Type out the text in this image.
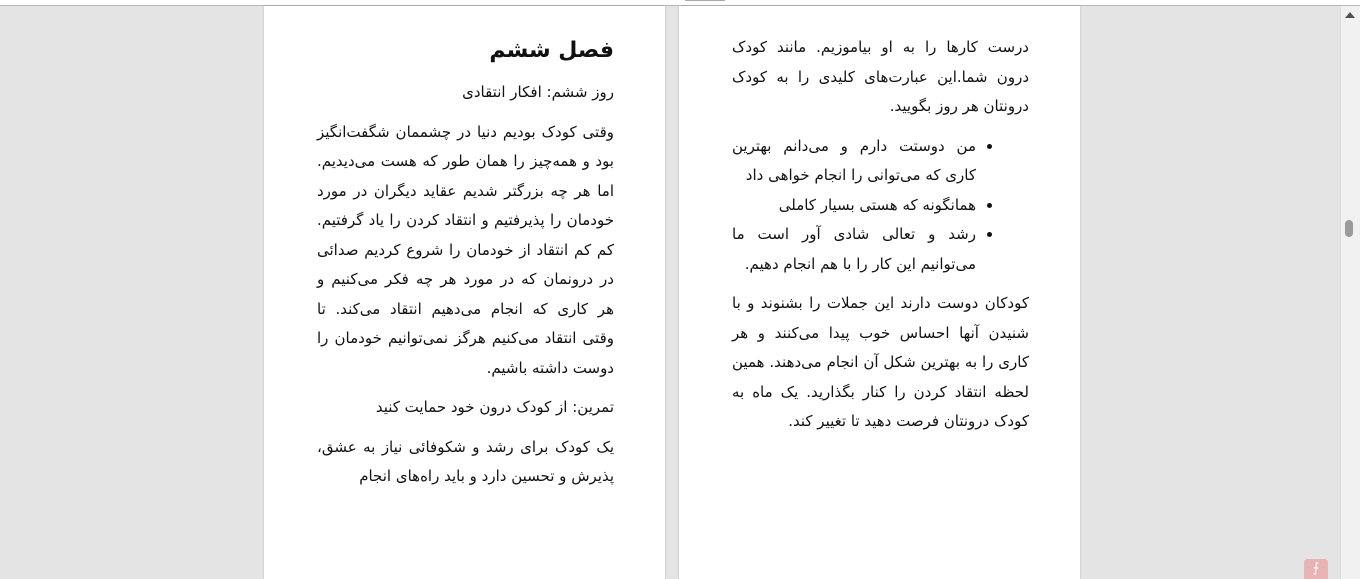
فصل ششم
روز ششم: افکار انتقادی

وقتی کودک بودیم دنیا در چشممان شگفت‌انگیز بود و همه‌چیز را همان طور که هست می‌دیدیم. اما هر چه بزرگتر شدیم عقاید دیگران در مورد خودمان را پذیرفتیم و انتقاد کردن را یاد گرفتیم. کم کم انتقاد از خودمان را شروع کردیم صدائی در درونمان که در مورد هر چه فکر می‌کنیم و هر کاری که انجام می‌دهیم انتقاد می‌کند. تا وقتی انتقاد می‌کنیم هرگز نمی‌توانیم خودمان را دوست داشته باشیم.

تمرین: از کودک درون خود حمایت کنید

یک کودک برای رشد و شکوفائی نیاز به عشق، پذیرش و تحسین دارد و باید راه‌های انجام

درست کارها را به او بیاموزیم. مانند کودک درون شما.این عبارت‌های کلیدی را به کودک درونتان هر روز بگویید.

• من دوستت دارم و می‌دانم بهترین کاری که می‌توانی را انجام خواهی داد
• همانگونه که هستی بسیار کاملی
• رشد و تعالی شادی آور است ما می‌توانیم این کار را با هم انجام دهیم.

کودکان دوست دارند این جملات را بشنوند و با شنیدن آنها احساس خوب پیدا می‌کنند و هر کاری را به بهترین شکل آن انجام می‌دهند. همین لحظه انتقاد کردن را کنار بگذارید. یک ماه به کودک درونتان فرصت دهید تا تغییر کند.

⨍
